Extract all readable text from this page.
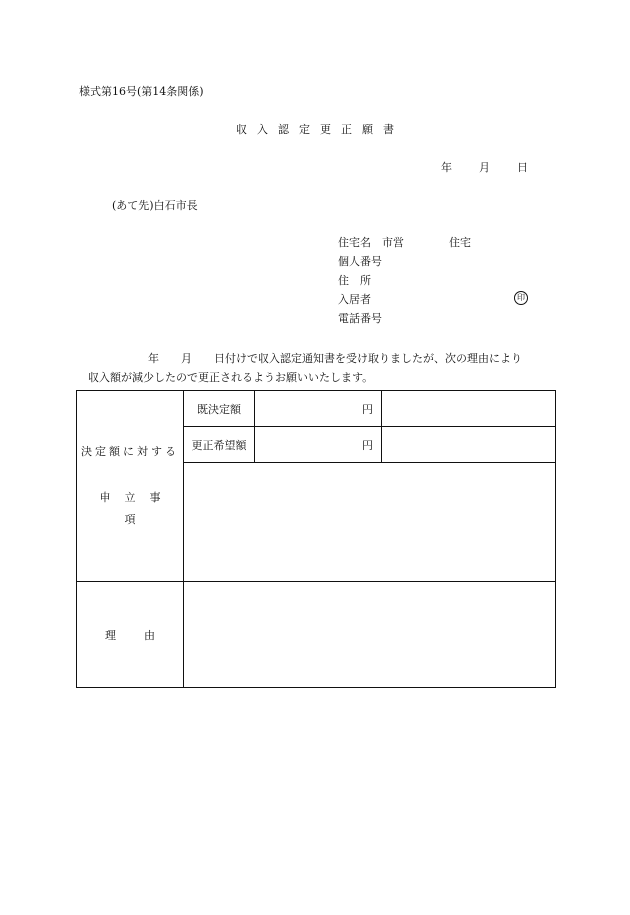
様式第16号(第14条関係)
収入認定更正願書
年 月 日
(あて先)白石市長
住宅名 市営	住宅
個人番号
住　所
入居者	印
電話番号
年　　月　　日付けで収入認定通知書を受け取りましたが、次の理由により
収入額が減少したので更正されるようお願いいたします。
決定額に対する
申立事項	既決定額	円	
	更正希望額	円	

理由			
